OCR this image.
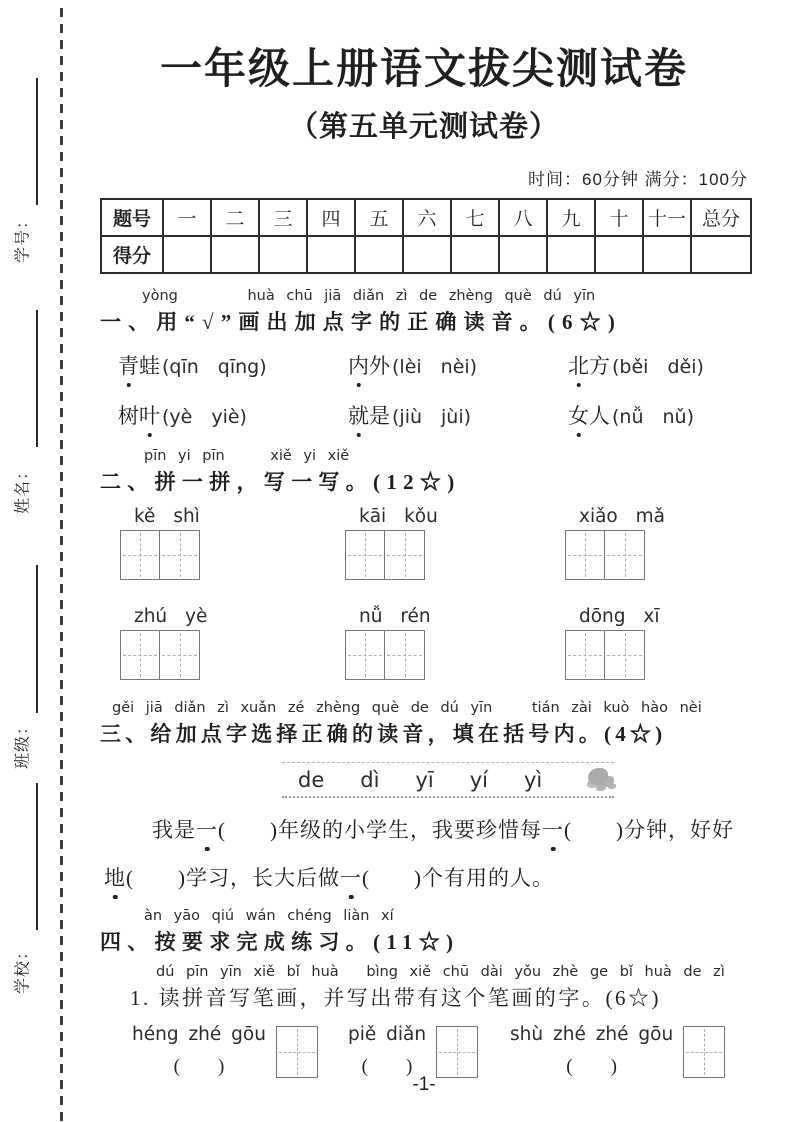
学号：
姓名：
班级：
学校：
一年级上册语文拔尖测试卷
（第五单元测试卷）
时间：60分钟 满分：100分
题号	一	二	三	四	五	六	七	八	九	十	十一	总分
得分												
yòng	huà chū jiā diǎn zì de zhèng què dú yīn
一、用“√”画出加点字的正确读音。(6☆)
青蛙 (qīn　qīng)	内外 (lèi　nèi)	北方 (běi　děi)
树叶 (yè　yiè)	就是 (jiù　jùi)	女人 (nǚ　nǔ)
pīn yi pīn	xiě yi xiě
二、拼一拼，写一写。(12☆)
kě shì	kāi kǒu	xiǎo mǎ
zhú yè	nǚ rén	dōng xī
gěi jiā diǎn zì xuǎn zé zhèng què de dú yīn	tián zài kuò hào nèi
三、给加点字选择正确的读音，填在括号内。(4☆)
de dì yī yí yì
我是一(　　)年级的小学生，我要珍惜每一(　　)分钟，好好
地(　　)学习，长大后做一(　　)个有用的人。
àn yāo qiú wán chéng liàn xí
四、按要求完成练习。(11☆)
dú pīn yīn xiě bǐ huà bìng xiě chū dài yǒu zhè ge bǐ huà de zì
1. 读拼音写笔画，并写出带有这个笔画的字。(6☆)
héng zhé gōu
(　　)
piě diǎn
(　　)
shù zhé zhé gōu
(　　)
-1-
